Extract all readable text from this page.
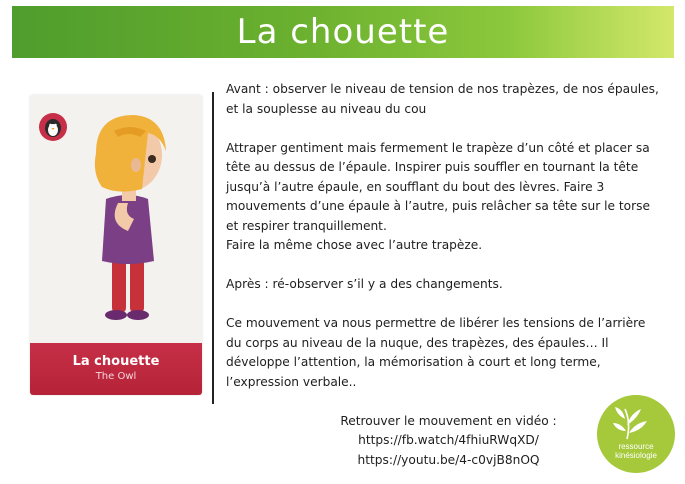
La chouette
La chouette
The Owl

Avant : observer le niveau de tension de nos trapèzes, de nos épaules,
et la souplesse au niveau du cou

Attraper gentiment mais fermement le trapèze d’un côté et placer sa
tête au dessus de l’épaule. Inspirer puis souffler en tournant la tête
jusqu’à l’autre épaule, en soufflant du bout des lèvres. Faire 3
mouvements d’une épaule à l’autre, puis relâcher sa tête sur le torse
et respirer tranquillement.
Faire la même chose avec l’autre trapèze.

Après : ré-observer s’il y a des changements.

Ce mouvement va nous permettre de libérer les tensions de l’arrière
du corps au niveau de la nuque, des trapèzes, des épaules… Il
développe l’attention, la mémorisation à court et long terme,
l’expression verbale..

Retrouver le mouvement en vidéo :
https://fb.watch/4fhiuRWqXD/
https://youtu.be/4-c0vjB8nOQ
ressource
kinésiologie
